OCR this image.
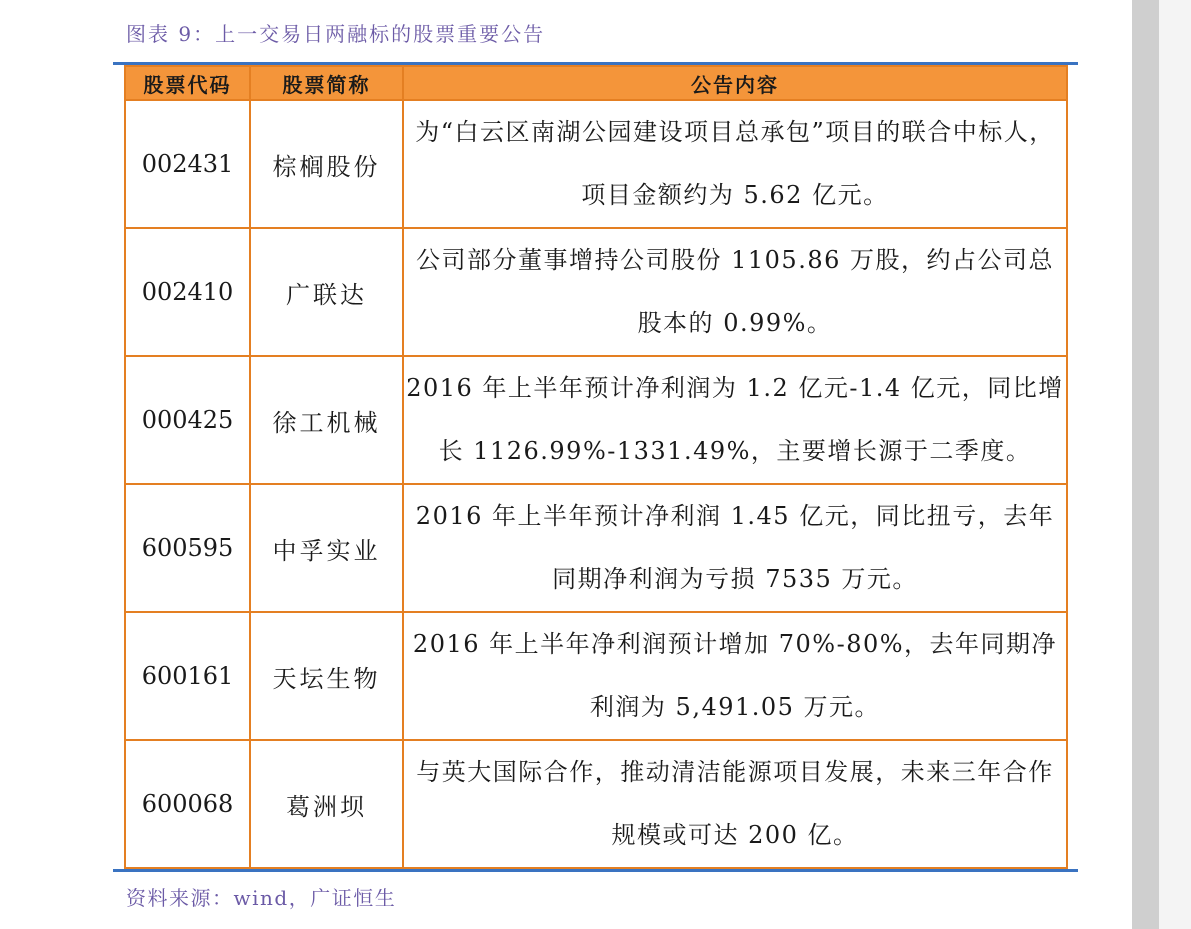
图表 9：上一交易日两融标的股票重要公告
股票代码	股票简称	公告内容
002431	棕榈股份	为“白云区南湖公园建设项目总承包”项目的联合中标人，项目金额约为 5.62 亿元。
002410	广联达	公司部分董事增持公司股份 1105.86 万股，约占公司总股本的 0.99%。
000425	徐工机械	2016 年上半年预计净利润为 1.2 亿元-1.4 亿元，同比增长 1126.99%-1331.49%，主要增长源于二季度。
600595	中孚实业	2016 年上半年预计净利润 1.45 亿元，同比扭亏，去年同期净利润为亏损 7535 万元。
600161	天坛生物	2016 年上半年净利润预计增加 70%-80%，去年同期净利润为 5,491.05 万元。
600068	葛洲坝	与英大国际合作，推动清洁能源项目发展，未来三年合作规模或可达 200 亿。
资料来源：wind，广证恒生
